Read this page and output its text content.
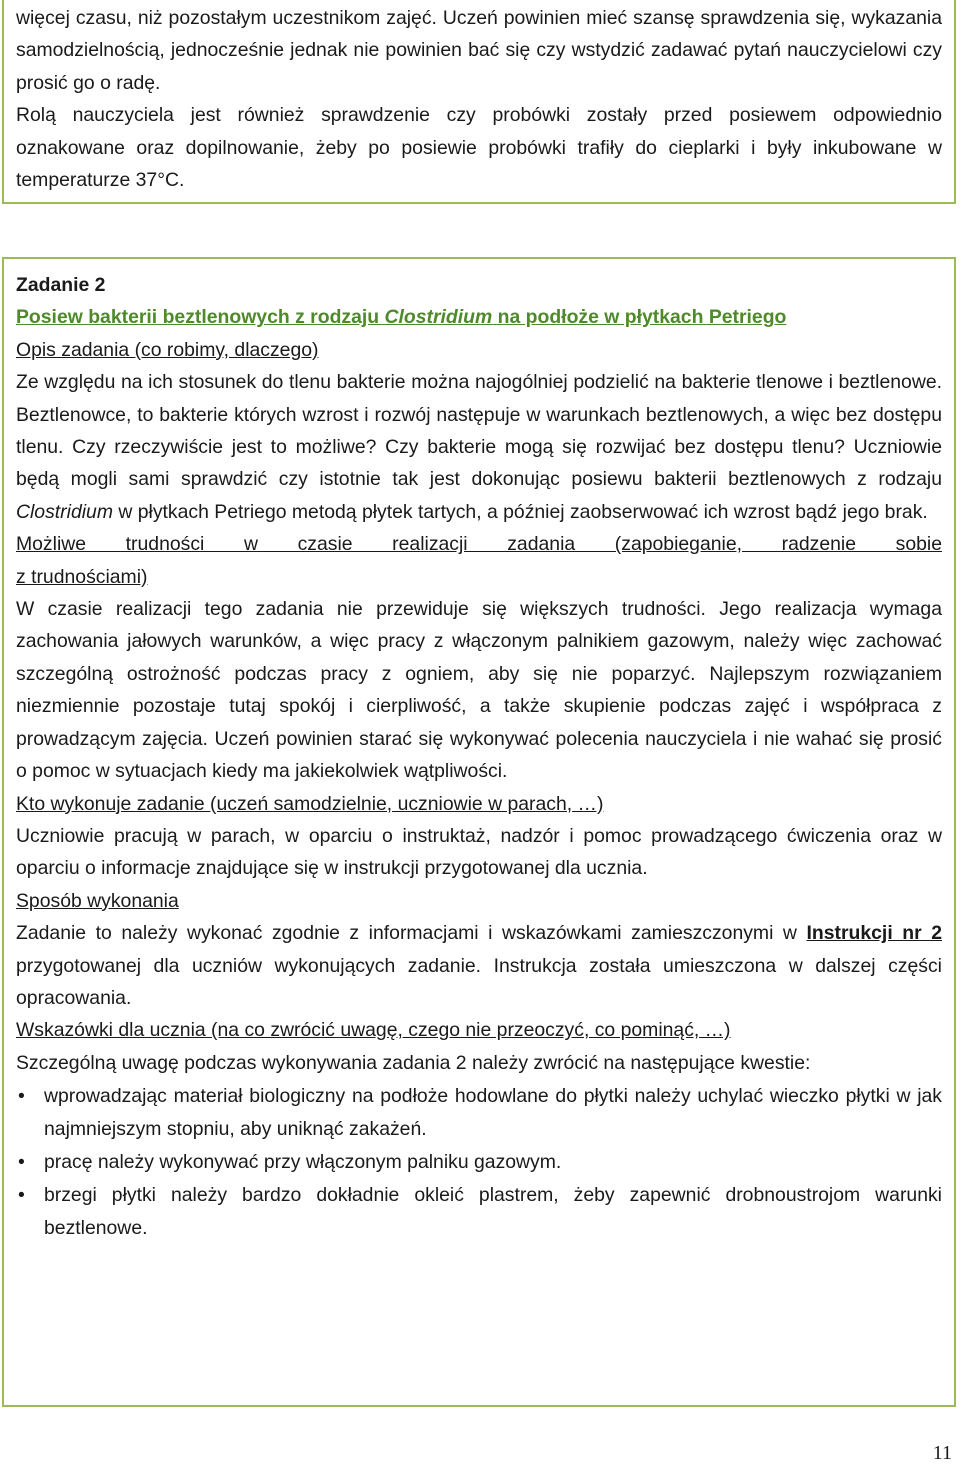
więcej czasu, niż pozostałym uczestnikom zajęć. Uczeń powinien mieć szansę sprawdzenia się, wykazania samodzielnością, jednocześnie jednak nie powinien bać się czy wstydzić zadawać pytań nauczycielowi czy prosić go o radę.

Rolą nauczyciela jest również sprawdzenie czy probówki zostały przed posiewem odpowiednio oznakowane oraz dopilnowanie, żeby po posiewie probówki trafiły do cieplarki i były inkubowane w temperaturze 37°C.

Zadanie 2

Posiew bakterii beztlenowych z rodzaju Clostridium na podłoże w płytkach Petriego

Opis zadania (co robimy, dlaczego)

Ze względu na ich stosunek do tlenu bakterie można najogólniej podzielić na bakterie tlenowe i beztlenowe. Beztlenowce, to bakterie których wzrost i rozwój następuje w warunkach beztlenowych, a więc bez dostępu tlenu. Czy rzeczywiście jest to możliwe? Czy bakterie mogą się rozwijać bez dostępu tlenu? Uczniowie będą mogli sami sprawdzić czy istotnie tak jest dokonując posiewu bakterii beztlenowych z rodzaju Clostridium w płytkach Petriego metodą płytek tartych, a później zaobserwować ich wzrost bądź jego brak.

Możliwe trudności w czasie realizacji zadania (zapobieganie, radzenie sobie

z trudnościami)

W czasie realizacji tego zadania nie przewiduje się większych trudności. Jego realizacja wymaga zachowania jałowych warunków, a więc pracy z włączonym palnikiem gazowym, należy więc zachować szczególną ostrożność podczas pracy z ogniem, aby się nie poparzyć. Najlepszym rozwiązaniem niezmiennie pozostaje tutaj spokój i cierpliwość, a także skupienie podczas zajęć i współpraca z prowadzącym zajęcia. Uczeń powinien starać się wykonywać polecenia nauczyciela i nie wahać się prosić o pomoc w sytuacjach kiedy ma jakiekolwiek wątpliwości.

Kto wykonuje zadanie (uczeń samodzielnie, uczniowie w parach, …)

Uczniowie pracują w parach, w oparciu o instruktaż, nadzór i pomoc prowadzącego ćwiczenia oraz w oparciu o informacje znajdujące się w instrukcji przygotowanej dla ucznia.

Sposób wykonania

Zadanie to należy wykonać zgodnie z informacjami i wskazówkami zamieszczonymi w Instrukcji nr 2 przygotowanej dla uczniów wykonujących zadanie. Instrukcja została umieszczona w dalszej części opracowania.

Wskazówki dla ucznia (na co zwrócić uwagę, czego nie przeoczyć, co pominąć, …)

Szczególną uwagę podczas wykonywania zadania 2 należy zwrócić na następujące kwestie:

• wprowadzając materiał biologiczny na podłoże hodowlane do płytki należy uchylać wieczko płytki w jak najmniejszym stopniu, aby uniknąć zakażeń.
• pracę należy wykonywać przy włączonym palniku gazowym.
• brzegi płytki należy bardzo dokładnie okleić plastrem, żeby zapewnić drobnoustrojom warunki beztlenowe.
11
